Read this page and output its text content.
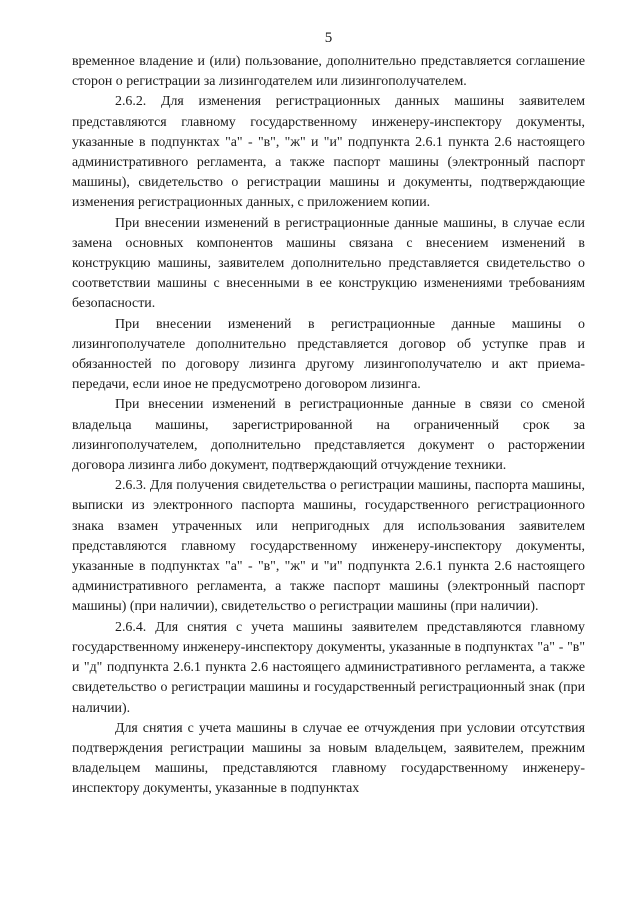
5

временное владение и (или) пользование, дополнительно представляется соглашение сторон о регистрации за лизингодателем или лизингополучателем.

2.6.2. Для изменения регистрационных данных машины заявителем представляются главному государственному инженеру-инспектору документы, указанные в подпунктах "а" - "в", "ж" и "и" подпункта 2.6.1 пункта 2.6 настоящего административного регламента, а также паспорт машины (электронный паспорт машины), свидетельство о регистрации машины и документы, подтверждающие изменения регистрационных данных, с приложением копии.

При внесении изменений в регистрационные данные машины, в случае если замена основных компонентов машины связана с внесением изменений в конструкцию машины, заявителем дополнительно представляется свидетельство о соответствии машины с внесенными в ее конструкцию изменениями требованиям безопасности.

При внесении изменений в регистрационные данные машины о лизингополучателе дополнительно представляется договор об уступке прав и обязанностей по договору лизинга другому лизингополучателю и акт приема-передачи, если иное не предусмотрено договором лизинга.

При внесении изменений в регистрационные данные в связи со сменой владельца машины, зарегистрированной на ограниченный срок за лизингополучателем, дополнительно представляется документ о расторжении договора лизинга либо документ, подтверждающий отчуждение техники.

2.6.3. Для получения свидетельства о регистрации машины, паспорта машины, выписки из электронного паспорта машины, государственного регистрационного знака взамен утраченных или непригодных для использования заявителем представляются главному государственному инженеру-инспектору документы, указанные в подпунктах "а" - "в", "ж" и "и" подпункта 2.6.1 пункта 2.6 настоящего административного регламента, а также паспорт машины (электронный паспорт машины) (при наличии), свидетельство о регистрации машины (при наличии).

2.6.4. Для снятия с учета машины заявителем представляются главному государственному инженеру-инспектору документы, указанные в подпунктах "а" - "в" и "д" подпункта 2.6.1 пункта 2.6 настоящего административного регламента, а также свидетельство о регистрации машины и государственный регистрационный знак (при наличии).

Для снятия с учета машины в случае ее отчуждения при условии отсутствия подтверждения регистрации машины за новым владельцем, заявителем, прежним владельцем машины, представляются главному государственному инженеру-инспектору документы, указанные в подпунктах
